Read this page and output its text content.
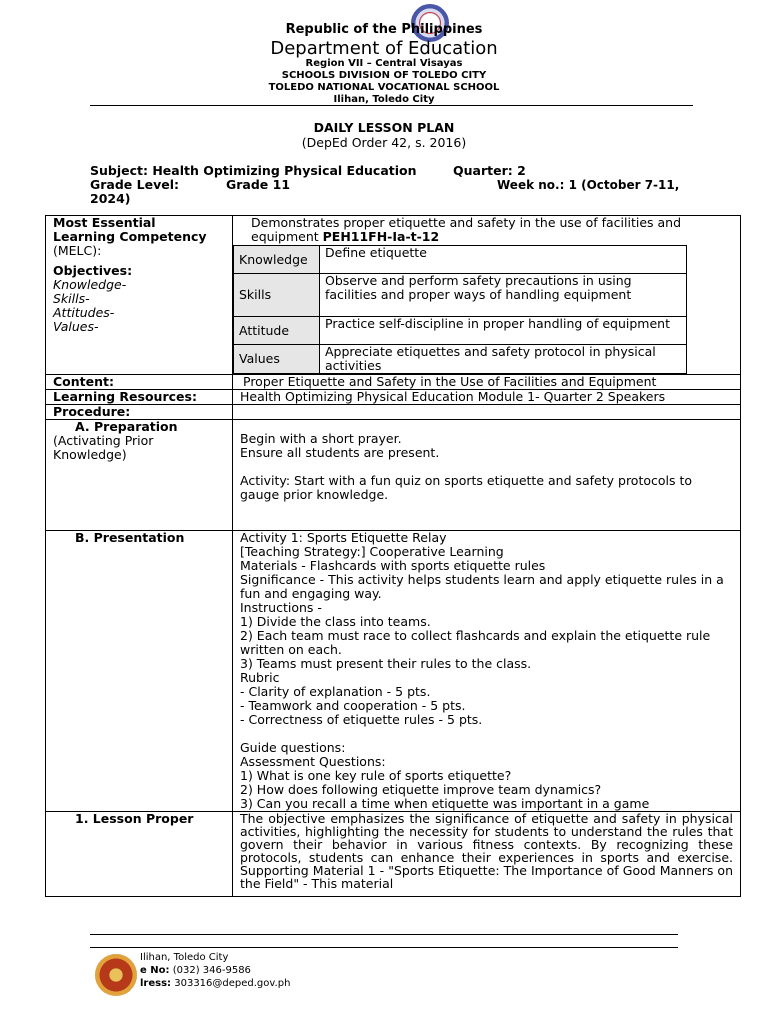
Republic of the Philippines
Department of Education
Region VII – Central Visayas
SCHOOLS DIVISION OF TOLEDO CITY
TOLEDO NATIONAL VOCATIONAL SCHOOL
Ilihan, Toledo City
DAILY LESSON PLAN
(DepEd Order 42, s. 2016)
Subject: Health Optimizing Physical Education	Quarter: 2
Grade Level:	Grade 11	Week no.: 1 (October 7-11,
2024)
Most Essential
Learning Competency
(MELC):
Objectives:
Knowledge-
Skills-
Attitudes-
Values-

Demonstrates proper etiquette and safety in the use of facilities and equipment PEH11FH-Ia-t-12
Knowledge	Define etiquette
Skills	Observe and perform safety precautions in using facilities and proper ways of handling equipment
Attitude	Practice self-discipline in proper handling of equipment
Values	Appreciate etiquettes and safety protocol in physical activities

Content:	Proper Etiquette and Safety in the Use of Facilities and Equipment
Learning Resources:	Health Optimizing Physical Education Module 1- Quarter 2 Speakers
Procedure:	

A. Preparation
(Activating Prior
Knowledge)

Begin with a short prayer.
Ensure all students are present.
Activity: Start with a fun quiz on sports etiquette and safety protocols to gauge prior knowledge.

B. Presentation	Activity 1: Sports Etiquette Relay
[Teaching Strategy:] Cooperative Learning
Materials - Flashcards with sports etiquette rules
Significance - This activity helps students learn and apply etiquette rules in a fun and engaging way.
Instructions -
1) Divide the class into teams.
2) Each team must race to collect flashcards and explain the etiquette rule written on each.
3) Teams must present their rules to the class.
Rubric
- Clarity of explanation - 5 pts.
- Teamwork and cooperation - 5 pts.
- Correctness of etiquette rules - 5 pts.
Guide questions:
Assessment Questions:
1) What is one key rule of sports etiquette?
2) How does following etiquette improve team dynamics?
3) Can you recall a time when etiquette was important in a game

1. Lesson Proper	The objective emphasizes the significance of etiquette and safety in physical activities, highlighting the necessity for students to understand the rules that govern their behavior in various fitness contexts. By recognizing these protocols, students can enhance their experiences in sports and exercise. Supporting Material 1 - "Sports Etiquette: The Importance of Good Manners on the Field" - This material
Ilihan, Toledo City
e No: (032) 346-9586
lress: 303316@deped.gov.ph
